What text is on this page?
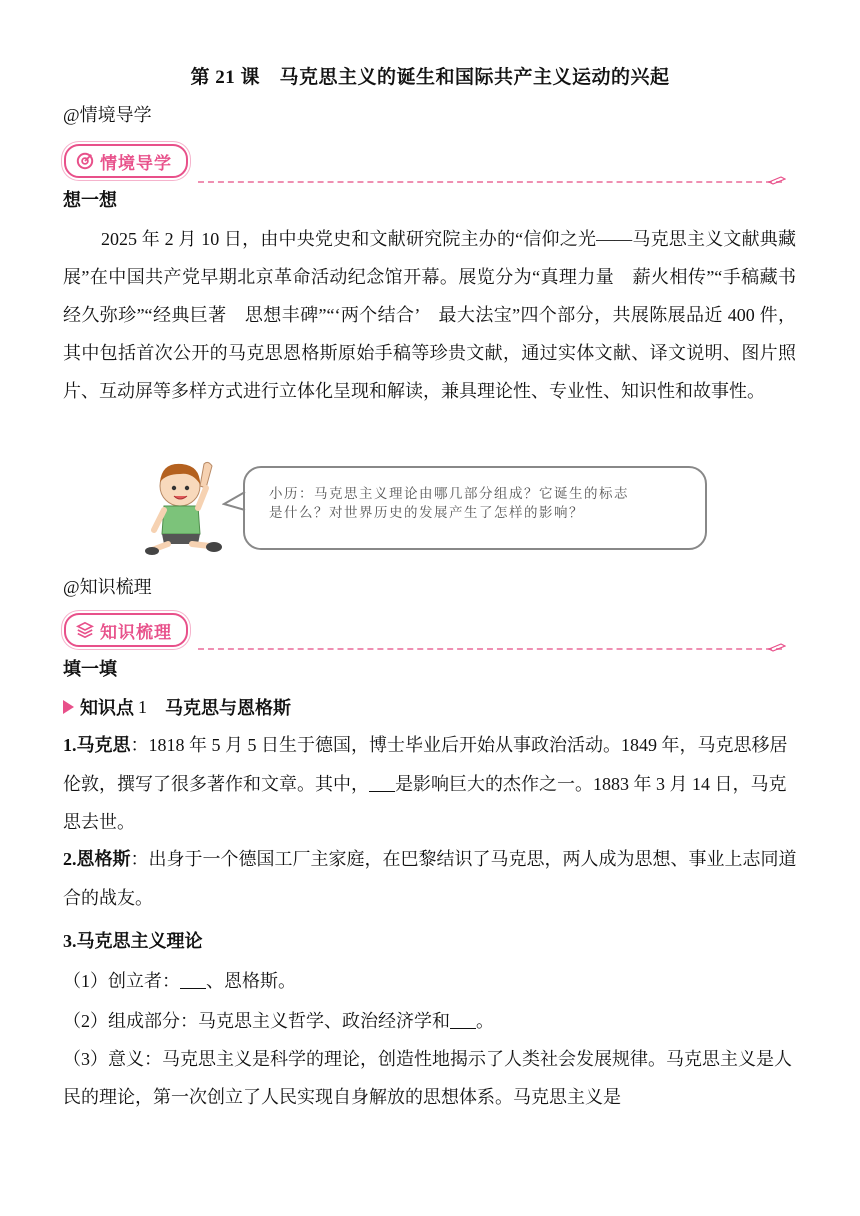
第 21 课　马克思主义的诞生和国际共产主义运动的兴起
@情境导学
情境导学
想一想
2025 年 2 月 10 日，由中央党史和文献研究院主办的“信仰之光——马克思主义文献典藏展”在中国共产党早期北京革命活动纪念馆开幕。展览分为“真理力量　薪火相传”“手稿藏书　经久弥珍”“经典巨著　思想丰碑”“‘两个结合’　最大法宝”四个部分，共展陈展品近 400 件，其中包括首次公开的马克思恩格斯原始手稿等珍贵文献，通过实体文献、译文说明、图片照片、互动屏等多样方式进行立体化呈现和解读，兼具理论性、专业性、知识性和故事性。
小历：马克思主义理论由哪几部分组成？它诞生的标志
是什么？对世界历史的发展产生了怎样的影响？
@知识梳理
知识梳理
填一填
知识点 1 马克思与恩格斯
1.马克思：1818 年 5 月 5 日生于德国，博士毕业后开始从事政治活动。1849 年，马克思移居伦敦，撰写了很多著作和文章。其中， 是影响巨大的杰作之一。1883 年 3 月 14 日，马克思去世。
2.恩格斯：出身于一个德国工厂主家庭，在巴黎结识了马克思，两人成为思想、事业上志同道合的战友。
3.马克思主义理论
（1）创立者： 、恩格斯。
（2）组成部分：马克思主义哲学、政治经济学和 。
（3）意义：马克思主义是科学的理论，创造性地揭示了人类社会发展规律。马克思主义是人民的理论，第一次创立了人民实现自身解放的思想体系。马克思主义是
